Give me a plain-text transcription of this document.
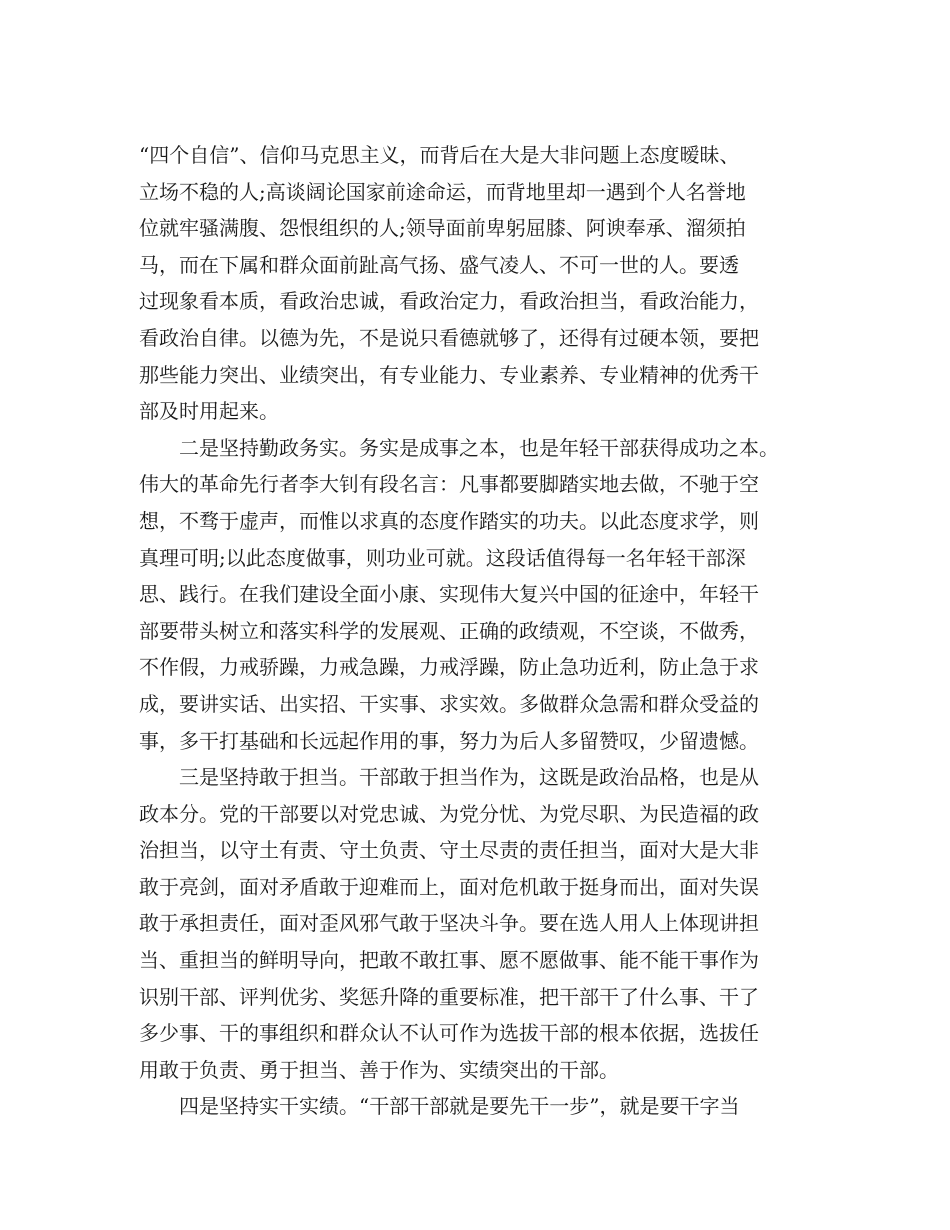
“四个自信”、信仰马克思主义，而背后在大是大非问题上态度暧昧、
立场不稳的人;高谈阔论国家前途命运，而背地里却一遇到个人名誉地
位就牢骚满腹、怨恨组织的人;领导面前卑躬屈膝、阿谀奉承、溜须拍
马，而在下属和群众面前趾高气扬、盛气凌人、不可一世的人。要透
过现象看本质，看政治忠诚，看政治定力，看政治担当，看政治能力，
看政治自律。以德为先，不是说只看德就够了，还得有过硬本领，要把
那些能力突出、业绩突出，有专业能力、专业素养、专业精神的优秀干
部及时用起来。
二是坚持勤政务实。务实是成事之本，也是年轻干部获得成功之本。
伟大的革命先行者李大钊有段名言：凡事都要脚踏实地去做，不驰于空
想，不骛于虚声，而惟以求真的态度作踏实的功夫。以此态度求学，则
真理可明;以此态度做事，则功业可就。这段话值得每一名年轻干部深
思、践行。在我们建设全面小康、实现伟大复兴中国的征途中，年轻干
部要带头树立和落实科学的发展观、正确的政绩观，不空谈，不做秀，
不作假，力戒骄躁，力戒急躁，力戒浮躁，防止急功近利，防止急于求
成，要讲实话、出实招、干实事、求实效。多做群众急需和群众受益的
事，多干打基础和长远起作用的事，努力为后人多留赞叹，少留遗憾。
三是坚持敢于担当。干部敢于担当作为，这既是政治品格，也是从
政本分。党的干部要以对党忠诚、为党分忧、为党尽职、为民造福的政
治担当，以守土有责、守土负责、守土尽责的责任担当，面对大是大非
敢于亮剑，面对矛盾敢于迎难而上，面对危机敢于挺身而出，面对失误
敢于承担责任，面对歪风邪气敢于坚决斗争。要在选人用人上体现讲担
当、重担当的鲜明导向，把敢不敢扛事、愿不愿做事、能不能干事作为
识别干部、评判优劣、奖惩升降的重要标准，把干部干了什么事、干了
多少事、干的事组织和群众认不认可作为选拔干部的根本依据，选拔任
用敢于负责、勇于担当、善于作为、实绩突出的干部。
四是坚持实干实绩。“干部干部就是要先干一步”，就是要干字当
